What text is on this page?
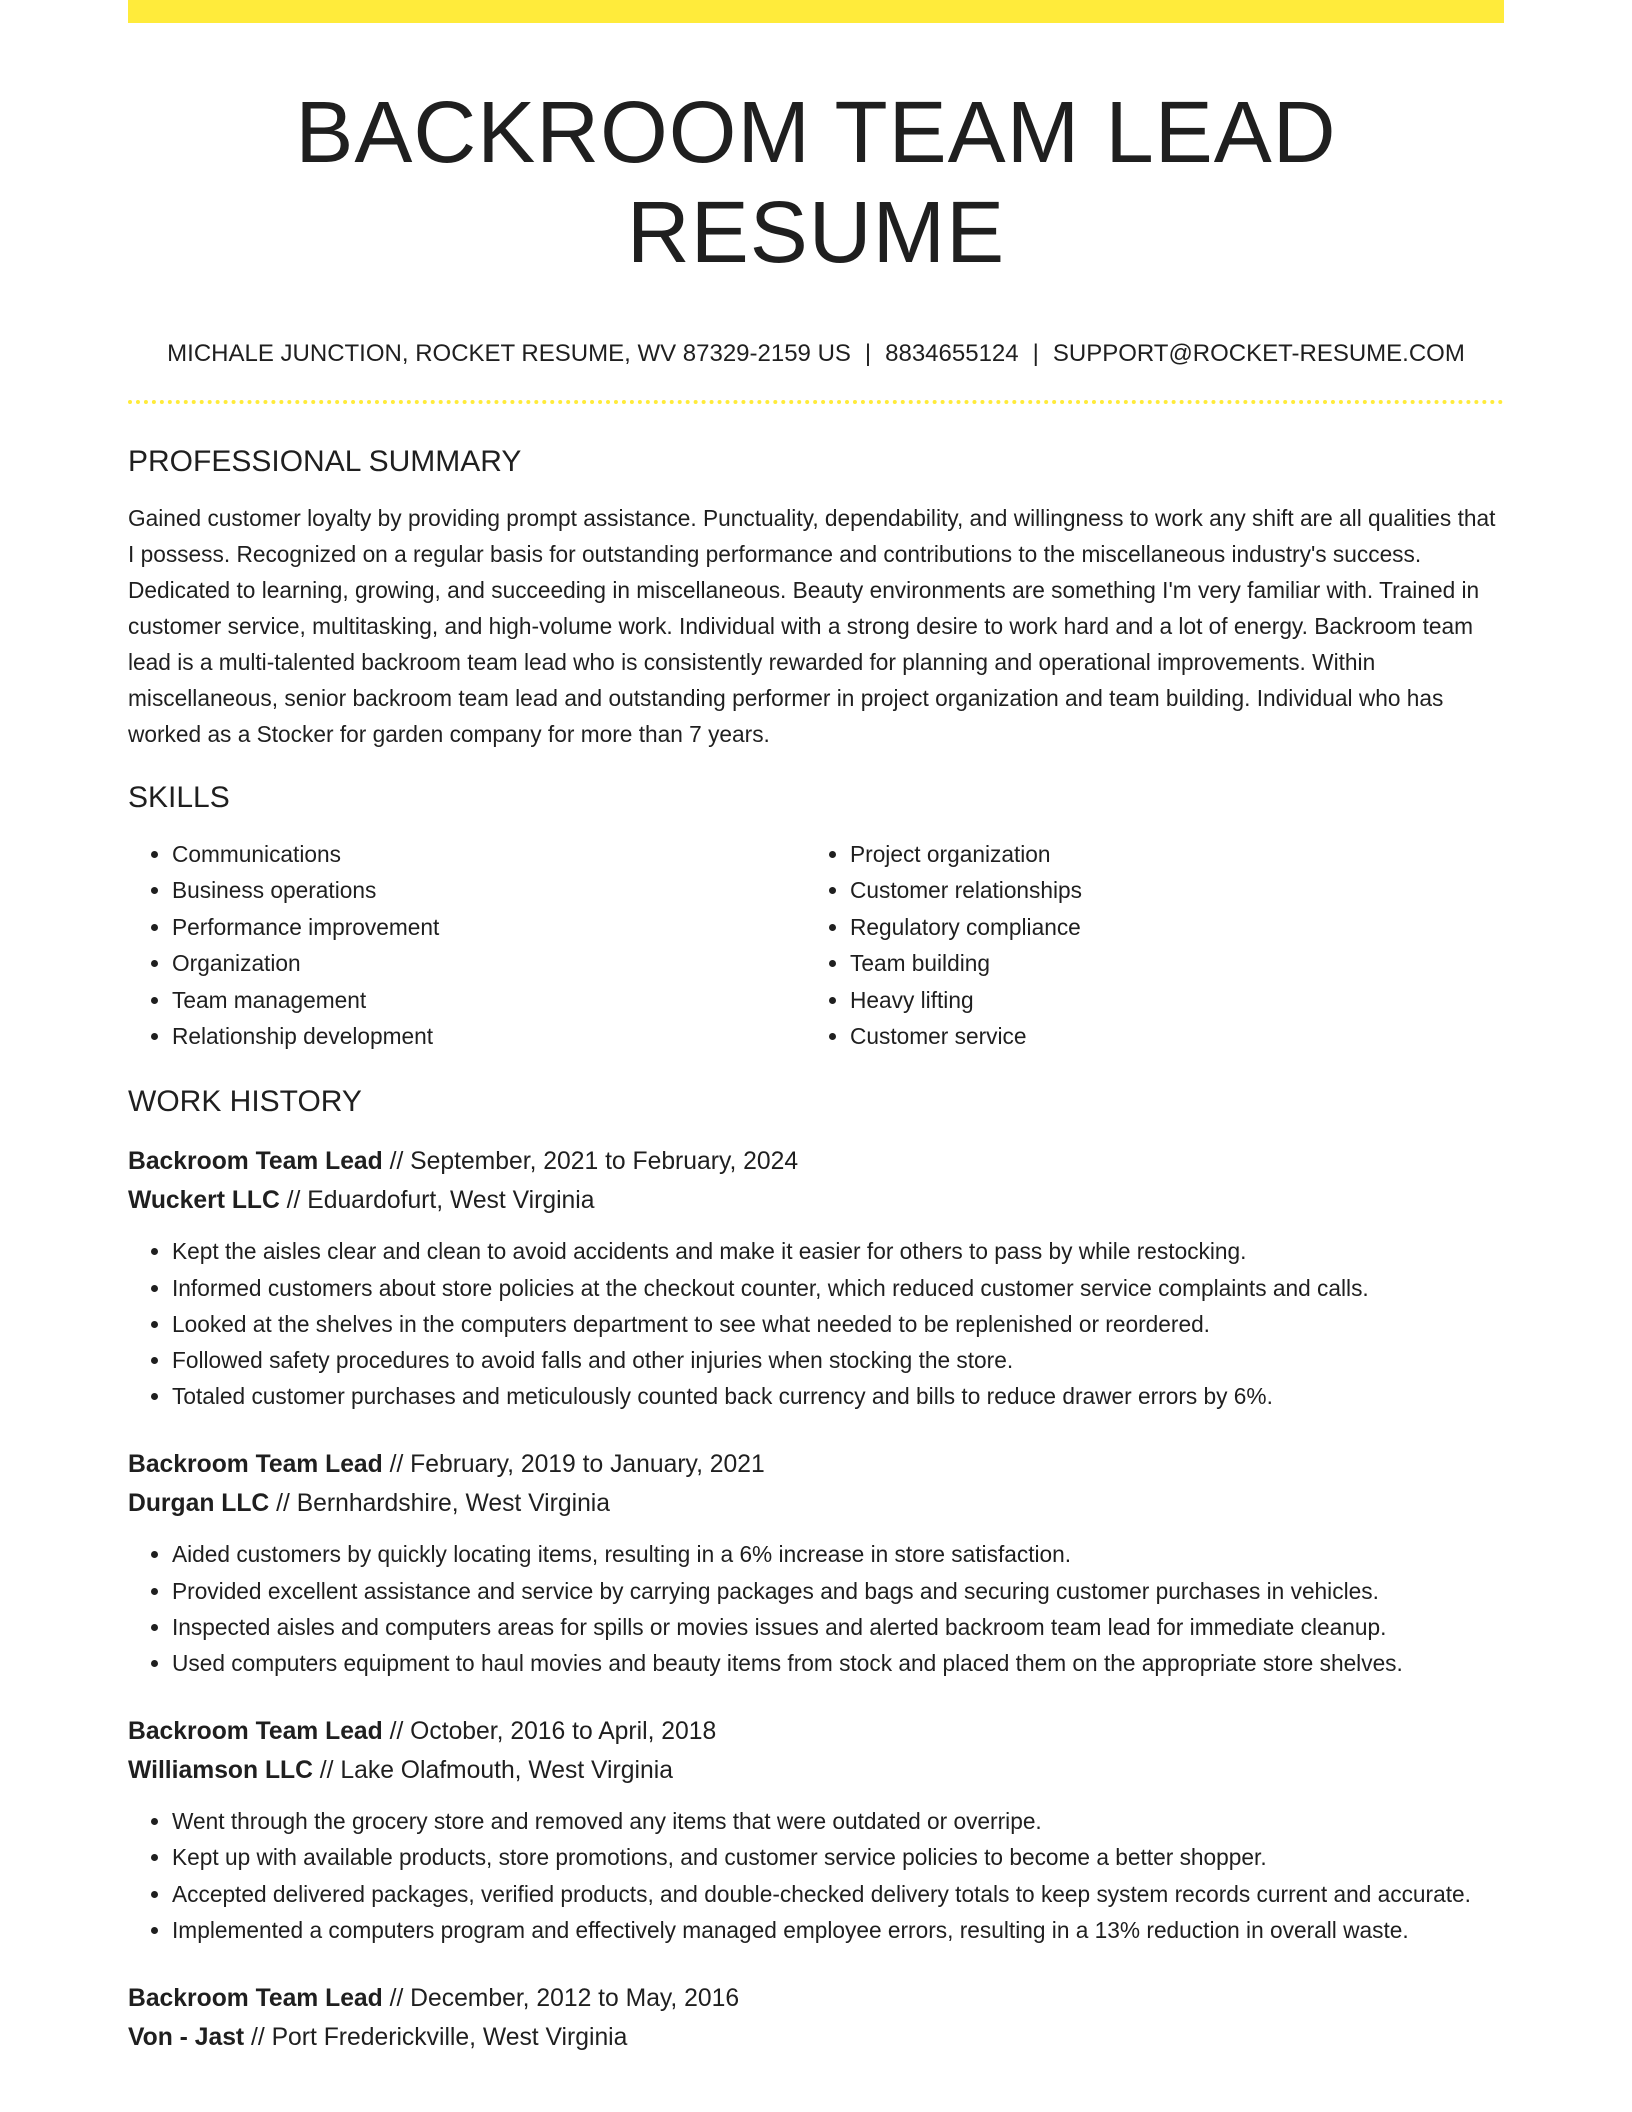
BACKROOM TEAM LEAD RESUME
MICHALE JUNCTION, ROCKET RESUME, WV 87329-2159 US | 8834655124 | SUPPORT@ROCKET-RESUME.COM
PROFESSIONAL SUMMARY
Gained customer loyalty by providing prompt assistance. Punctuality, dependability, and willingness to work any shift are all qualities that I possess. Recognized on a regular basis for outstanding performance and contributions to the miscellaneous industry's success. Dedicated to learning, growing, and succeeding in miscellaneous. Beauty environments are something I'm very familiar with. Trained in customer service, multitasking, and high-volume work. Individual with a strong desire to work hard and a lot of energy. Backroom team lead is a multi-talented backroom team lead who is consistently rewarded for planning and operational improvements. Within miscellaneous, senior backroom team lead and outstanding performer in project organization and team building. Individual who has worked as a Stocker for garden company for more than 7 years.
SKILLS
• Communications
• Business operations
• Performance improvement
• Organization
• Team management
• Relationship development
• Project organization
• Customer relationships
• Regulatory compliance
• Team building
• Heavy lifting
• Customer service
WORK HISTORY
Backroom Team Lead // September, 2021 to February, 2024
Wuckert LLC // Eduardofurt, West Virginia
• Kept the aisles clear and clean to avoid accidents and make it easier for others to pass by while restocking.
• Informed customers about store policies at the checkout counter, which reduced customer service complaints and calls.
• Looked at the shelves in the computers department to see what needed to be replenished or reordered.
• Followed safety procedures to avoid falls and other injuries when stocking the store.
• Totaled customer purchases and meticulously counted back currency and bills to reduce drawer errors by 6%.
Backroom Team Lead // February, 2019 to January, 2021
Durgan LLC // Bernhardshire, West Virginia
• Aided customers by quickly locating items, resulting in a 6% increase in store satisfaction.
• Provided excellent assistance and service by carrying packages and bags and securing customer purchases in vehicles.
• Inspected aisles and computers areas for spills or movies issues and alerted backroom team lead for immediate cleanup.
• Used computers equipment to haul movies and beauty items from stock and placed them on the appropriate store shelves.
Backroom Team Lead // October, 2016 to April, 2018
Williamson LLC // Lake Olafmouth, West Virginia
• Went through the grocery store and removed any items that were outdated or overripe.
• Kept up with available products, store promotions, and customer service policies to become a better shopper.
• Accepted delivered packages, verified products, and double-checked delivery totals to keep system records current and accurate.
• Implemented a computers program and effectively managed employee errors, resulting in a 13% reduction in overall waste.
Backroom Team Lead // December, 2012 to May, 2016
Von - Jast // Port Frederickville, West Virginia
